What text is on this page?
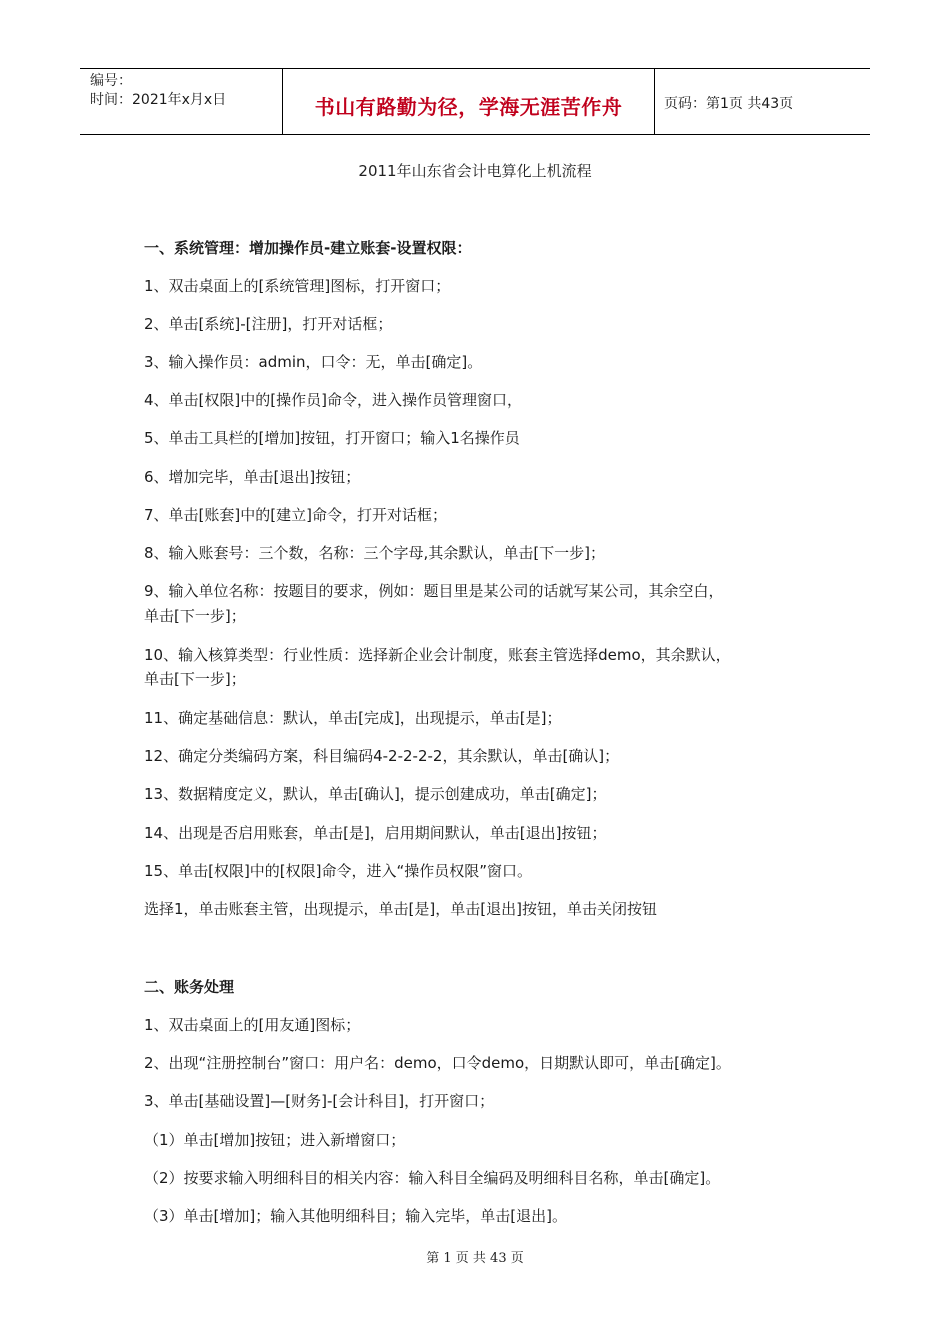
编号：
时间：2021年x月x日	书山有路勤为径，学海无涯苦作舟	页码：第1页 共43页
2011年山东省会计电算化上机流程
一、系统管理：增加操作员-建立账套-设置权限：
1、双击桌面上的[系统管理]图标，打开窗口；
2、单击[系统]-[注册]，打开对话框；
3、输入操作员：admin，口令：无，单击[确定]。
4、单击[权限]中的[操作员]命令，进入操作员管理窗口，
5、单击工具栏的[增加]按钮，打开窗口；输入1名操作员
6、增加完毕，单击[退出]按钮；
7、单击[账套]中的[建立]命令，打开对话框；
8、输入账套号：三个数，名称：三个字母,其余默认，单击[下一步]；
9、输入单位名称：按题目的要求，例如：题目里是某公司的话就写某公司，其余空白，
单击[下一步]；
10、输入核算类型：行业性质：选择新企业会计制度，账套主管选择demo，其余默认，
单击[下一步]；
11、确定基础信息：默认，单击[完成]，出现提示，单击[是]；
12、确定分类编码方案，科目编码4-2-2-2-2，其余默认，单击[确认]；
13、数据精度定义，默认，单击[确认]，提示创建成功，单击[确定]；
14、出现是否启用账套，单击[是]，启用期间默认，单击[退出]按钮；
15、单击[权限]中的[权限]命令，进入“操作员权限”窗口。
选择1，单击账套主管，出现提示，单击[是]，单击[退出]按钮，单击关闭按钮
二、账务处理
1、双击桌面上的[用友通]图标；
2、出现“注册控制台”窗口：用户名：demo，口令demo，日期默认即可，单击[确定]。
3、单击[基础设置]—[财务]-[会计科目]，打开窗口；
（1）单击[增加]按钮；进入新增窗口；
（2）按要求输入明细科目的相关内容：输入科目全编码及明细科目名称，单击[确定]。
（3）单击[增加]；输入其他明细科目；输入完毕，单击[退出]。
第 1 页 共 43 页
